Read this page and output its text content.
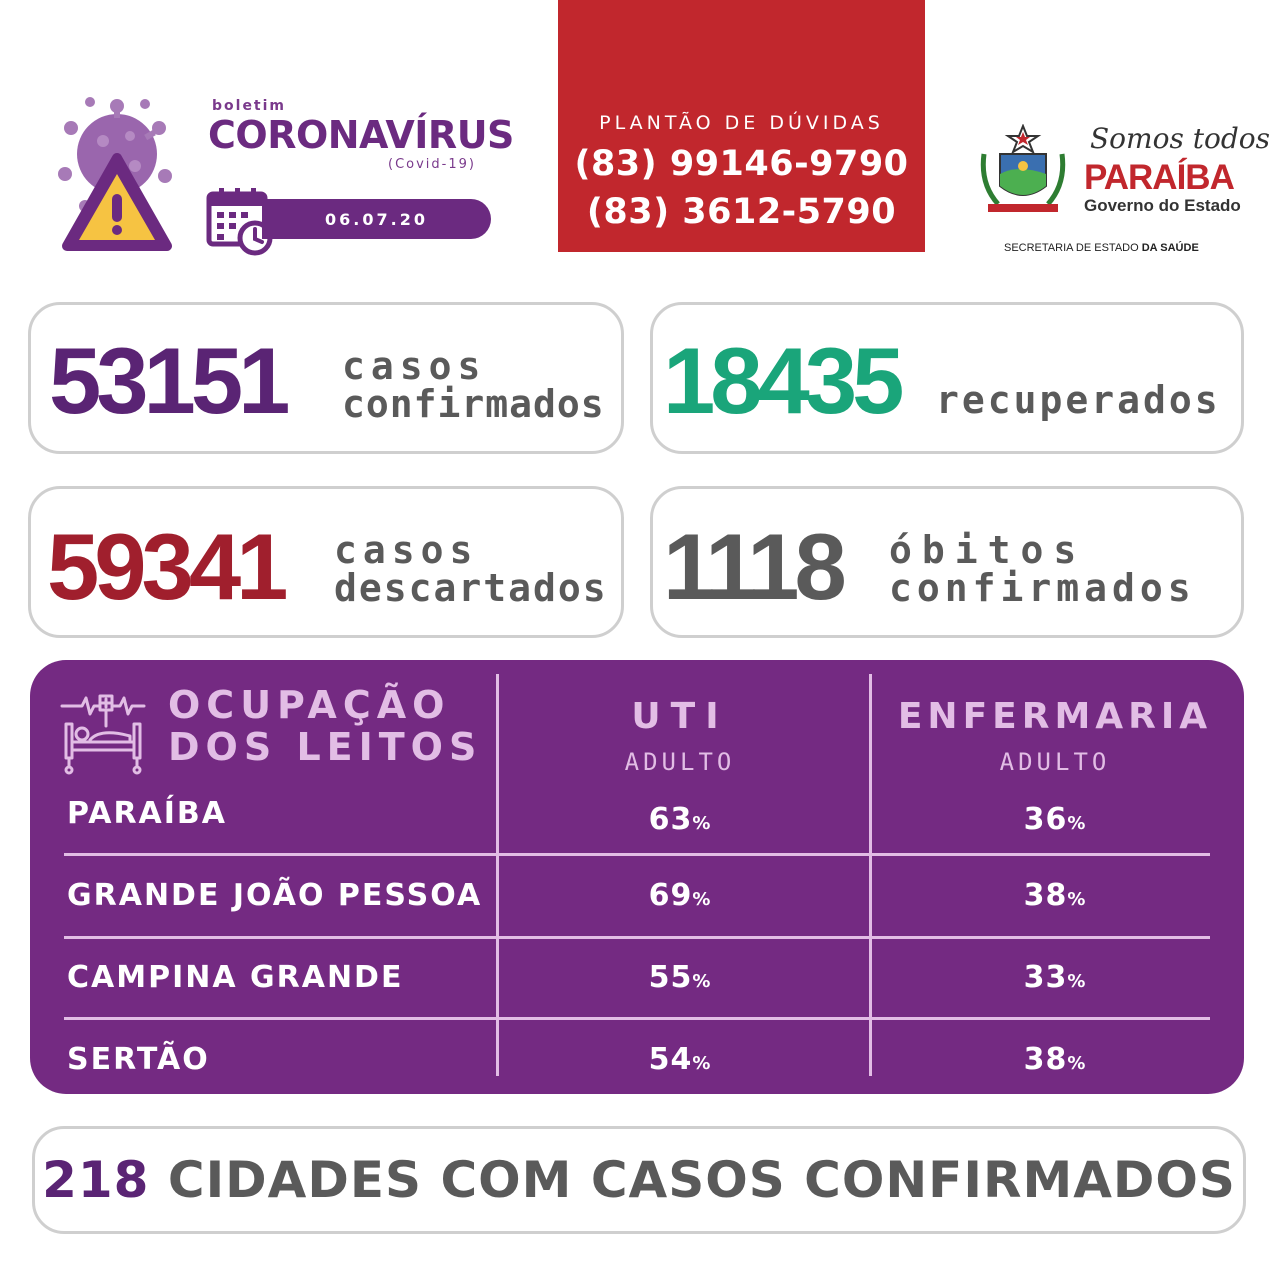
boletim
CORONAVÍRUS
(Covid-19)
06.07.20
PLANTÃO DE DÚVIDAS
(83) 99146-9790
(83) 3612-5790
Somos todos
PARAÍBA
Governo do Estado
SECRETARIA DE ESTADO DA SAÚDE
53151 casos
confirmados 18435 recuperados
59341 casos
descartados 1118 óbitos
confirmados
OCUPAÇÃO
DOS LEITOS
UTI
ADULTO
ENFERMARIA
ADULTO
PARAÍBA	63%	36%
GRANDE JOÃO PESSOA	69%	38%
CAMPINA GRANDE	55%	33%
SERTÃO	54%	38%
218 CIDADES COM CASOS CONFIRMADOS
